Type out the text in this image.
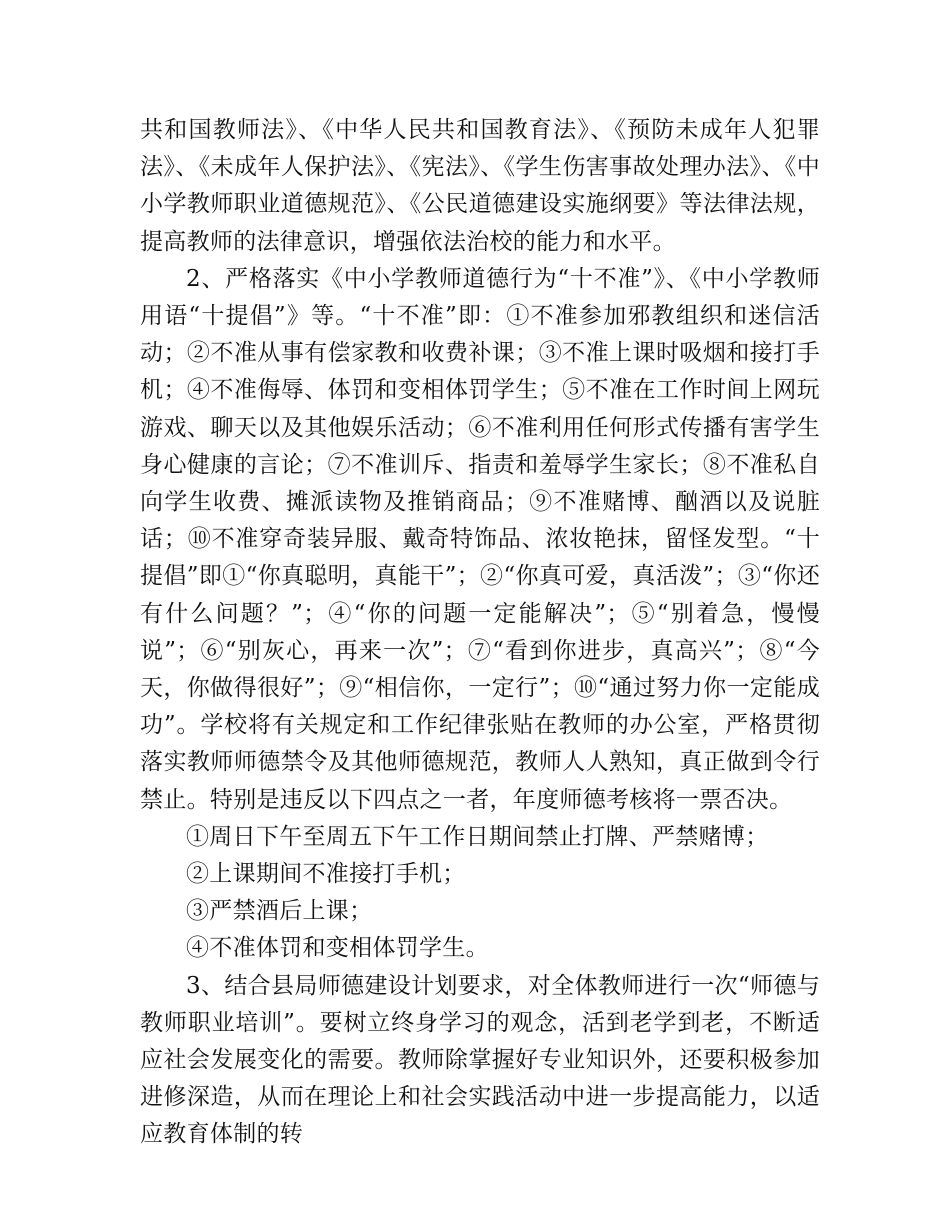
共和国教师法》、《中华人民共和国教育法》、《预防未成年人犯罪法》、《未成年人保护法》、《宪法》、《学生伤害事故处理办法》、《中小学教师职业道德规范》、《公民道德建设实施纲要》等法律法规，提高教师的法律意识，增强依法治校的能力和水平。

2、严格落实《中小学教师道德行为“十不准”》、《中小学教师用语“十提倡”》等。“十不准”即：①不准参加邪教组织和迷信活动；②不准从事有偿家教和收费补课；③不准上课时吸烟和接打手机；④不准侮辱、体罚和变相体罚学生；⑤不准在工作时间上网玩游戏、聊天以及其他娱乐活动；⑥不准利用任何形式传播有害学生身心健康的言论；⑦不准训斥、指责和羞辱学生家长；⑧不准私自向学生收费、摊派读物及推销商品；⑨不准赌博、酗酒以及说脏话；⑩不准穿奇装异服、戴奇特饰品、浓妆艳抹，留怪发型。“十提倡”即①“你真聪明，真能干”；②“你真可爱，真活泼”；③“你还有什么问题？”；④“你的问题一定能解决”；⑤“别着急，慢慢说”；⑥“别灰心，再来一次”；⑦“看到你进步，真高兴”；⑧“今天，你做得很好”；⑨“相信你，一定行”；⑩“通过努力你一定能成功”。学校将有关规定和工作纪律张贴在教师的办公室，严格贯彻落实教师师德禁令及其他师德规范，教师人人熟知，真正做到令行禁止。特别是违反以下四点之一者，年度师德考核将一票否决。

①周日下午至周五下午工作日期间禁止打牌、严禁赌博；

②上课期间不准接打手机；

③严禁酒后上课；

④不准体罚和变相体罚学生。

3、结合县局师德建设计划要求，对全体教师进行一次“师德与教师职业培训”。要树立终身学习的观念，活到老学到老，不断适应社会发展变化的需要。教师除掌握好专业知识外，还要积极参加进修深造，从而在理论上和社会实践活动中进一步提高能力，以适应教育体制的转
